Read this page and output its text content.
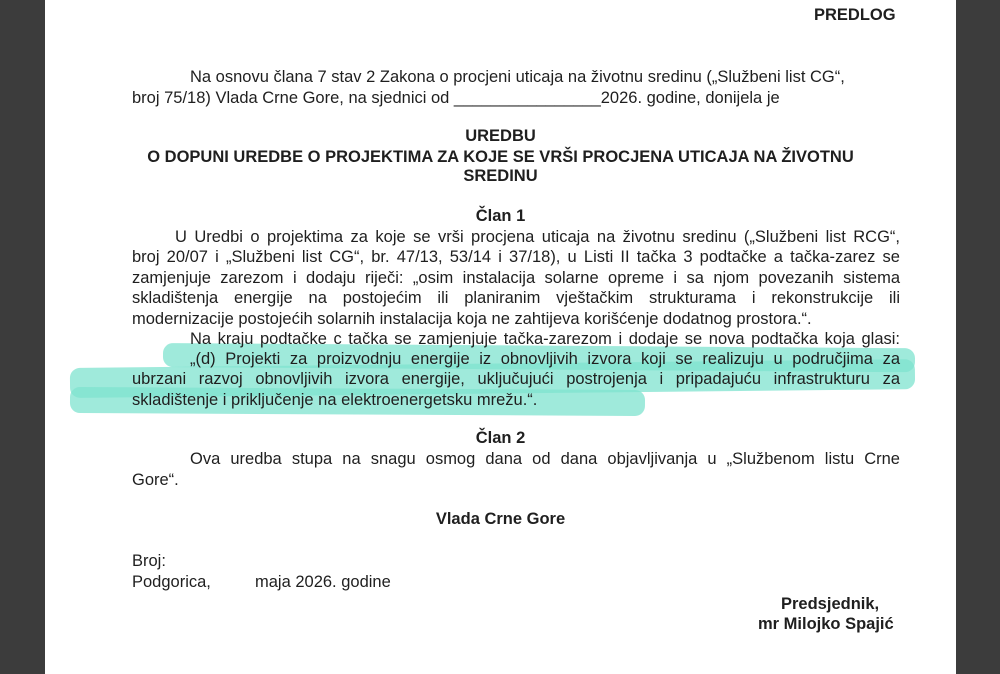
PREDLOG
Na osnovu člana 7 stav 2 Zakona o procjeni uticaja na životnu sredinu („Službeni list CG“,
broj 75/18) Vlada Crne Gore, na sjednici od ________________2026. godine, donijela je
UREDBU
O DOPUNI UREDBE O PROJEKTIMA ZA KOJE SE VRŠI PROCJENA UTICAJA NA ŽIVOTNU
SREDINU
Član 1
U Uredbi o projektima za koje se vrši procjena uticaja na životnu sredinu („Službeni list RCG“,
broj 20/07 i „Službeni list CG“, br. 47/13, 53/14 i 37/18), u Listi II tačka 3 podtačke a tačka-zarez se
zamjenjuje zarezom i dodaju riječi: „osim instalacija solarne opreme i sa njom povezanih sistema
skladištenja energije na postojećim ili planiranim vještačkim strukturama i rekonstrukcije ili
modernizacije postojećih solarnih instalacija koja ne zahtijeva korišćenje dodatnog prostora.“.
Na kraju podtačke c tačka se zamjenjuje tačka-zarezom i dodaje se nova podtačka koja glasi:
„(d) Projekti za proizvodnju energije iz obnovljivih izvora koji se realizuju u područjima za
ubrzani razvoj obnovljivih izvora energije, uključujući postrojenja i pripadajuću infrastrukturu za
skladištenje i priključenje na elektroenergetsku mrežu.“.
Član 2
Ova uredba stupa na snagu osmog dana od dana objavljivanja u „Službenom listu Crne
Gore“.
Vlada Crne Gore
Broj:
Podgorica,	maja 2026. godine
Predsjednik,
mr Milojko Spajić
